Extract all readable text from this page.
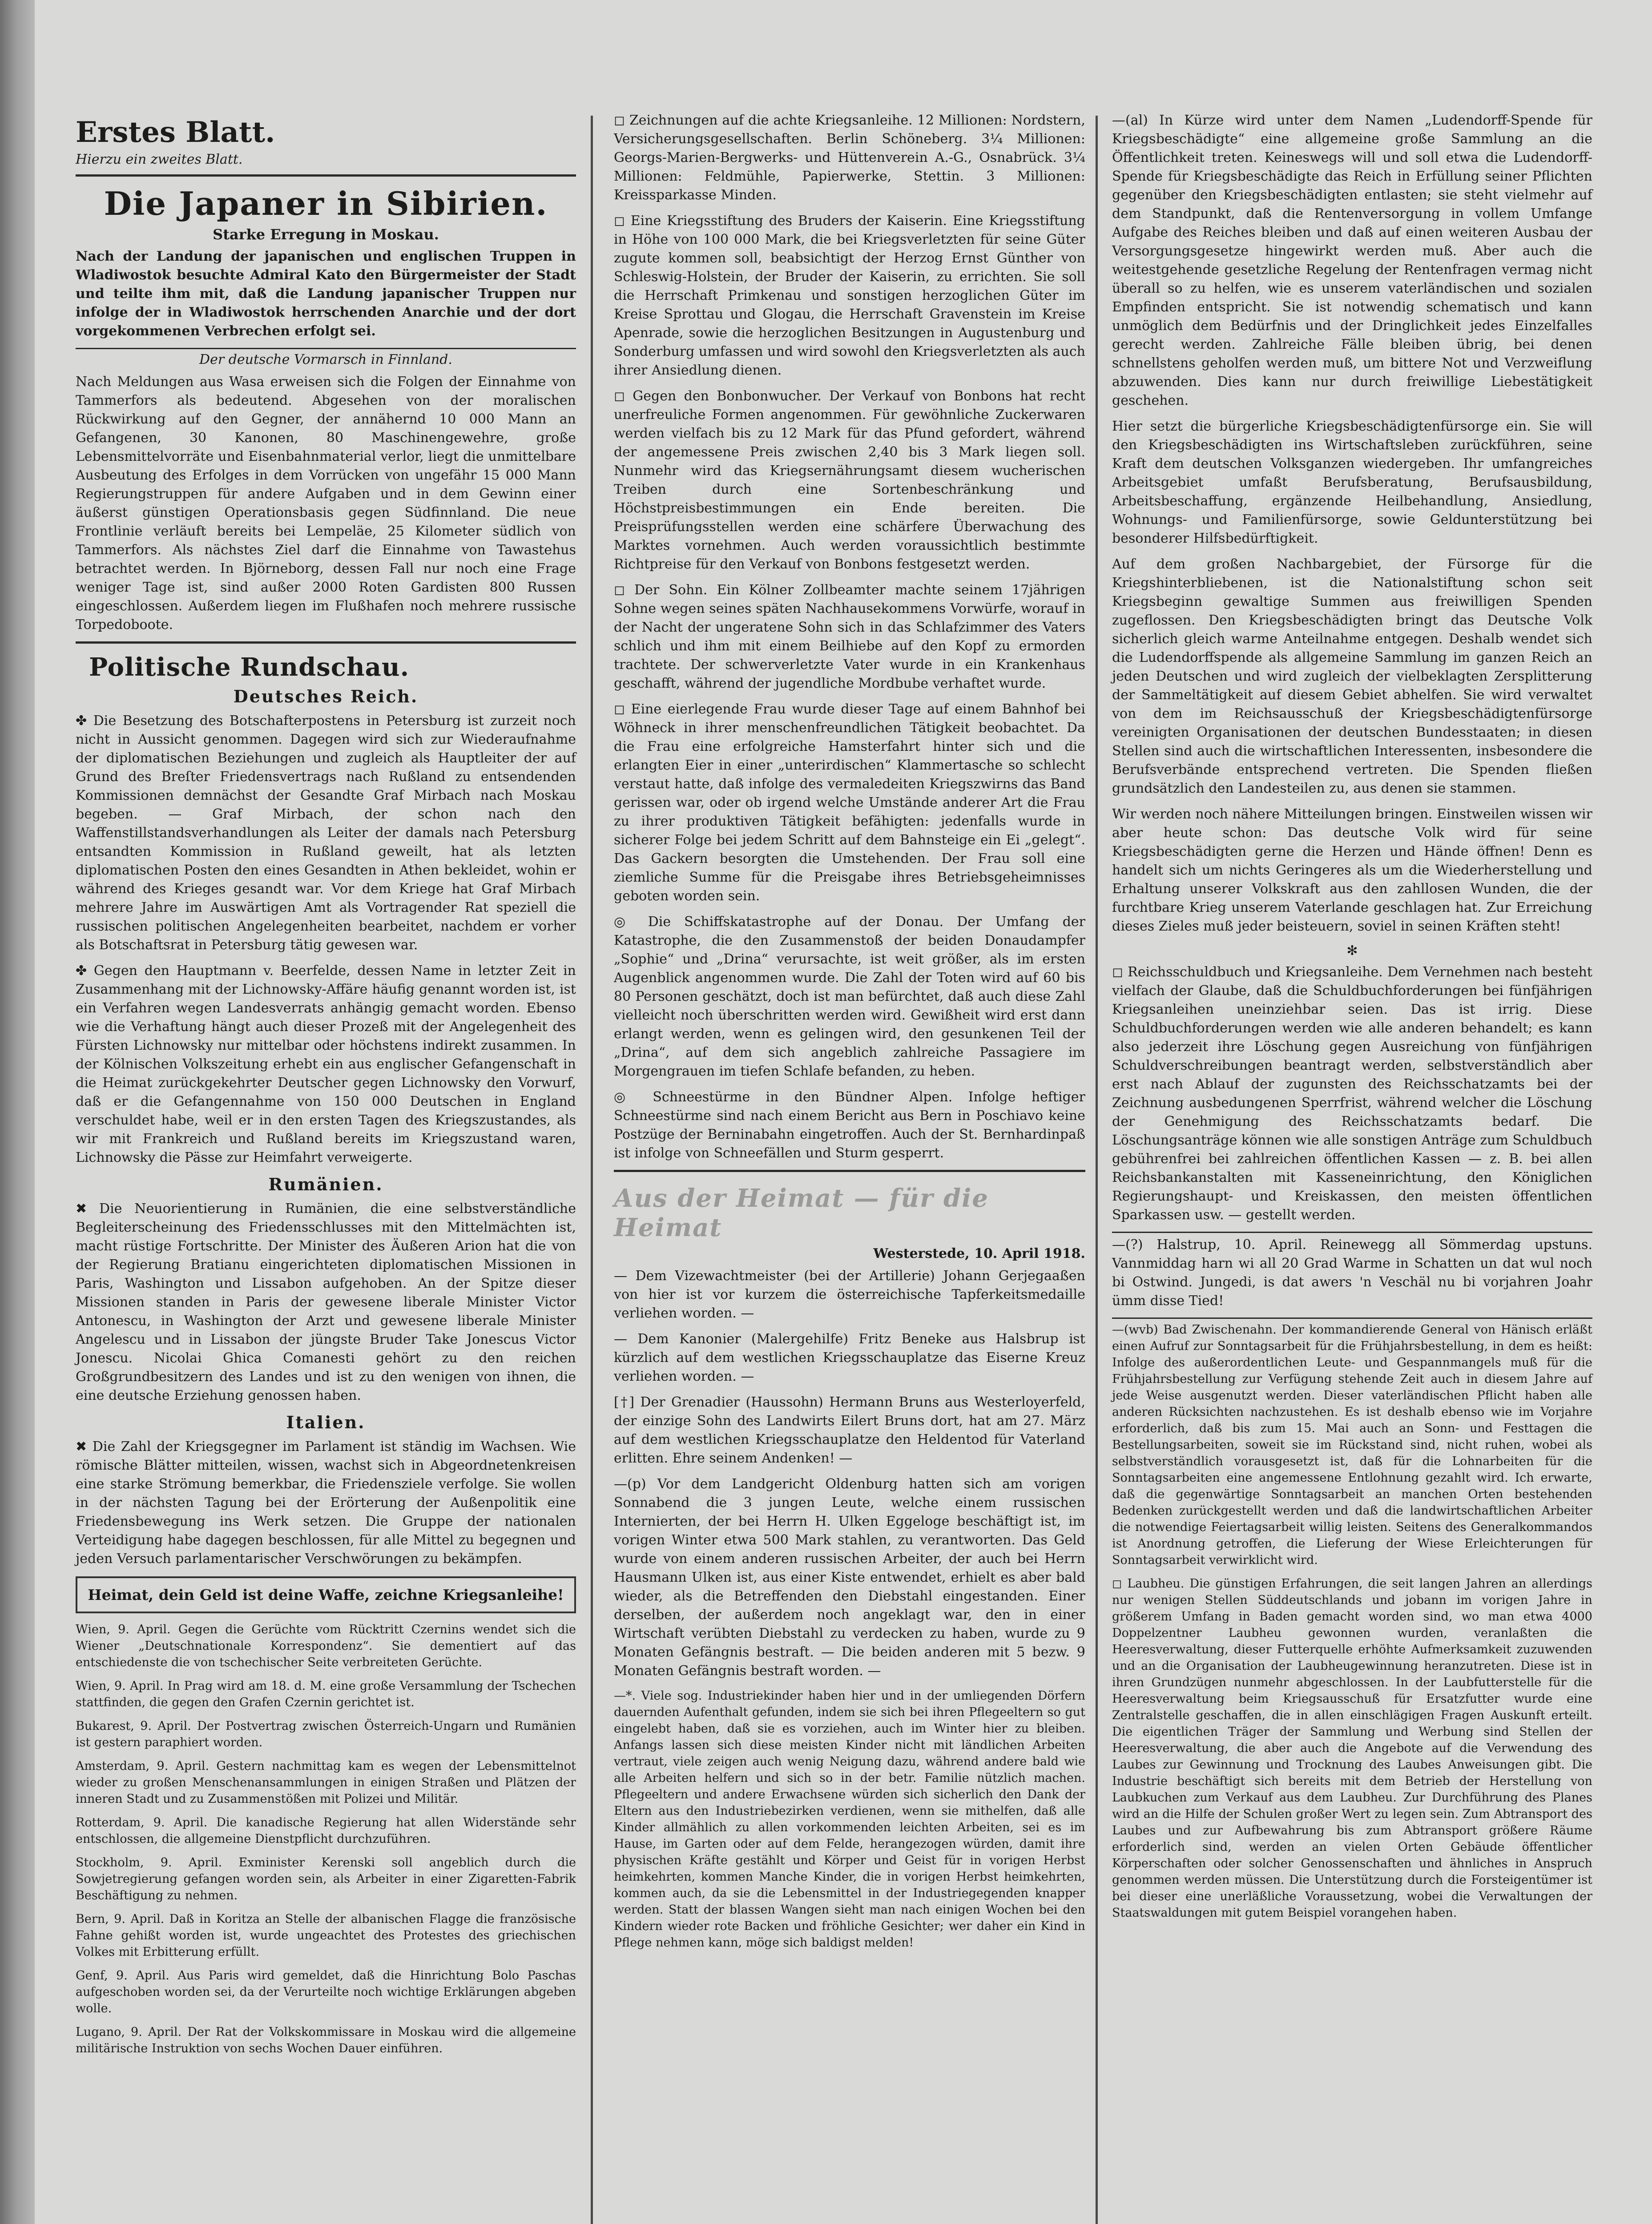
Erstes Blatt.
Hierzu ein zweites Blatt.
Die Japaner in Sibirien.
Starke Erregung in Moskau.

Nach der Landung der japanischen und englischen Truppen in Wladiwostok besuchte Admiral Kato den Bürgermeister der Stadt und teilte ihm mit, daß die Landung japanischer Truppen nur infolge der in Wladiwostok herrschenden Anarchie und der dort vorgekommenen Verbrechen erfolgt sei.

Der deutsche Vormarsch in Finnland.

Nach Meldungen aus Wasa erweisen sich die Folgen der Einnahme von Tammerfors als bedeutend. Abgesehen von der moralischen Rückwirkung auf den Gegner, der annähernd 10 000 Mann an Gefangenen, 30 Kanonen, 80 Maschinengewehre, große Lebensmittelvorräte und Eisenbahnmaterial verlor, liegt die unmittelbare Ausbeutung des Erfolges in dem Vorrücken von ungefähr 15 000 Mann Regierungstruppen für andere Aufgaben und in dem Gewinn einer äußerst günstigen Operationsbasis gegen Südfinnland. Die neue Frontlinie verläuft bereits bei Lempeläe, 25 Kilometer südlich von Tammerfors. Als nächstes Ziel darf die Einnahme von Tawastehus betrachtet werden. In Björneborg, dessen Fall nur noch eine Frage weniger Tage ist, sind außer 2000 Roten Gardisten 800 Russen eingeschlossen. Außerdem liegen im Flußhafen noch mehrere russische Torpedoboote.

Politische Rundschau.
Deutsches Reich.

✤ Die Besetzung des Botschafterpostens in Petersburg ist zurzeit noch nicht in Aussicht genommen. Dagegen wird sich zur Wiederaufnahme der diplomatischen Beziehungen und zugleich als Hauptleiter der auf Grund des Breſter Friedensvertrags nach Rußland zu entsendenden Kommissionen demnächst der Gesandte Graf Mirbach nach Moskau begeben. — Graf Mirbach, der schon nach den Waffenstillstandsverhandlungen als Leiter der damals nach Petersburg entsandten Kommission in Rußland geweilt, hat als letzten diplomatischen Posten den eines Gesandten in Athen bekleidet, wohin er während des Krieges gesandt war. Vor dem Kriege hat Graf Mirbach mehrere Jahre im Auswärtigen Amt als Vortragender Rat speziell die russischen politischen Angelegenheiten bearbeitet, nachdem er vorher als Botschaftsrat in Petersburg tätig gewesen war.

✤ Gegen den Hauptmann v. Beerfelde, dessen Name in letzter Zeit in Zusammenhang mit der Lichnowsky-Affäre häufig genannt worden ist, ist ein Verfahren wegen Landesverrats anhängig gemacht worden. Ebenso wie die Verhaftung hängt auch dieser Prozeß mit der Angelegenheit des Fürsten Lichnowsky nur mittelbar oder höchstens indirekt zusammen. In der Kölnischen Volkszeitung erhebt ein aus englischer Gefangenschaft in die Heimat zurückgekehrter Deutscher gegen Lichnowsky den Vorwurf, daß er die Gefangennahme von 150 000 Deutschen in England verschuldet habe, weil er in den ersten Tagen des Kriegszustandes, als wir mit Frankreich und Rußland bereits im Kriegszustand waren, Lichnowsky die Pässe zur Heimfahrt verweigerte.

Rumänien.

✖ Die Neuorientierung in Rumänien, die eine selbstverständliche Begleiterscheinung des Friedensschlusses mit den Mittelmächten ist, macht rüstige Fortschritte. Der Minister des Äußeren Arion hat die von der Regierung Bratianu eingerichteten diplomatischen Missionen in Paris, Washington und Lissabon aufgehoben. An der Spitze dieser Missionen standen in Paris der gewesene liberale Minister Victor Antonescu, in Washington der Arzt und gewesene liberale Minister Angelescu und in Lissabon der jüngste Bruder Take Jonescus Victor Jonescu. Nicolai Ghica Comanesti gehört zu den reichen Großgrundbesitzern des Landes und ist zu den wenigen von ihnen, die eine deutsche Erziehung genossen haben.

Italien.

✖ Die Zahl der Kriegsgegner im Parlament ist ständig im Wachsen. Wie römische Blätter mitteilen, wissen, wachst sich in Abgeordnetenkreisen eine starke Strömung bemerkbar, die Friedensziele verfolge. Sie wollen in der nächsten Tagung bei der Erörterung der Außenpolitik eine Friedensbewegung ins Werk setzen. Die Gruppe der nationalen Verteidigung habe dagegen beschlossen, für alle Mittel zu begegnen und jeden Versuch parlamentarischer Verschwörungen zu bekämpfen.

Heimat, dein Geld ist deine Waffe, zeichne Kriegsanleihe!

Wien, 9. April. Gegen die Gerüchte vom Rücktritt Czernins wendet sich die Wiener „Deutschnationale Korrespondenz“. Sie dementiert auf das entschiedenste die von tschechischer Seite verbreiteten Gerüchte.

Wien, 9. April. In Prag wird am 18. d. M. eine große Versammlung der Tschechen stattfinden, die gegen den Grafen Czernin gerichtet ist.

Bukarest, 9. April. Der Postvertrag zwischen Österreich-Ungarn und Rumänien ist gestern paraphiert worden.

Amsterdam, 9. April. Gestern nachmittag kam es wegen der Lebensmittelnot wieder zu großen Menschenansammlungen in einigen Straßen und Plätzen der inneren Stadt und zu Zusammenstößen mit Polizei und Militär.

Rotterdam, 9. April. Die kanadische Regierung hat allen Widerstände sehr entschlossen, die allgemeine Dienstpflicht durchzuführen.

Stockholm, 9. April. Exminister Kerenski soll angeblich durch die Sowjetregierung gefangen worden sein, als Arbeiter in einer Zigaretten-Fabrik Beschäftigung zu nehmen.

Bern, 9. April. Daß in Koritza an Stelle der albanischen Flagge die französische Fahne gehißt worden ist, wurde ungeachtet des Protestes des griechischen Volkes mit Erbitterung erfüllt.

Genf, 9. April. Aus Paris wird gemeldet, daß die Hinrichtung Bolo Paschas aufgeschoben worden sei, da der Verurteilte noch wichtige Erklärungen abgeben wolle.

Lugano, 9. April. Der Rat der Volkskommissare in Moskau wird die allgemeine militärische Instruktion von sechs Wochen Dauer einführen.

◻ Zeichnungen auf die achte Kriegsanleihe. 12 Millionen: Nordstern, Versicherungsgesellschaften. Berlin Schöneberg. 3¼ Millionen: Georgs-Marien-Bergwerks- und Hüttenverein A.-G., Osnabrück. 3¼ Millionen: Feldmühle, Papierwerke, Stettin. 3 Millionen: Kreissparkasse Minden.

◻ Eine Kriegsstiftung des Bruders der Kaiserin. Eine Kriegsstiftung in Höhe von 100 000 Mark, die bei Kriegsverletzten für seine Güter zugute kommen soll, beabsichtigt der Herzog Ernst Günther von Schleswig-Holstein, der Bruder der Kaiserin, zu errichten. Sie soll die Herrschaft Primkenau und sonstigen herzoglichen Güter im Kreise Sprottau und Glogau, die Herrschaft Gravenstein im Kreise Apenrade, sowie die herzoglichen Besitzungen in Augustenburg und Sonderburg umfassen und wird sowohl den Kriegsverletzten als auch ihrer Ansiedlung dienen.

◻ Gegen den Bonbonwucher. Der Verkauf von Bonbons hat recht unerfreuliche Formen angenommen. Für gewöhnliche Zuckerwaren werden vielfach bis zu 12 Mark für das Pfund gefordert, während der angemessene Preis zwischen 2,40 bis 3 Mark liegen soll. Nunmehr wird das Kriegsernährungsamt diesem wucherischen Treiben durch eine Sortenbeschränkung und Höchstpreisbestimmungen ein Ende bereiten. Die Preisprüfungsstellen werden eine schärfere Überwachung des Marktes vornehmen. Auch werden voraussichtlich bestimmte Richtpreise für den Verkauf von Bonbons festgesetzt werden.

◻ Der Sohn. Ein Kölner Zollbeamter machte seinem 17jährigen Sohne wegen seines späten Nachhausekommens Vorwürfe, worauf in der Nacht der ungeratene Sohn sich in das Schlafzimmer des Vaters schlich und ihm mit einem Beilhiebe auf den Kopf zu ermorden trachtete. Der schwerverletzte Vater wurde in ein Krankenhaus geschafft, während der jugendliche Mordbube verhaftet wurde.

◻ Eine eierlegende Frau wurde dieser Tage auf einem Bahnhof bei Wöhneck in ihrer menschenfreundlichen Tätigkeit beobachtet. Da die Frau eine erfolgreiche Hamsterfahrt hinter sich und die erlangten Eier in einer „unterirdischen“ Klammertasche so schlecht verstaut hatte, daß infolge des vermaledeiten Kriegszwirns das Band gerissen war, oder ob irgend welche Umstände anderer Art die Frau zu ihrer produktiven Tätigkeit befähigten: jedenfalls wurde in sicherer Folge bei jedem Schritt auf dem Bahnsteige ein Ei „gelegt“. Das Gackern besorgten die Umstehenden. Der Frau soll eine ziemliche Summe für die Preisgabe ihres Betriebsgeheimnisses geboten worden sein.

◎ Die Schiffskatastrophe auf der Donau. Der Umfang der Katastrophe, die den Zusammenstoß der beiden Donaudampfer „Sophie“ und „Drina“ verursachte, ist weit größer, als im ersten Augenblick angenommen wurde. Die Zahl der Toten wird auf 60 bis 80 Personen geschätzt, doch ist man befürchtet, daß auch diese Zahl vielleicht noch überschritten werden wird. Gewißheit wird erst dann erlangt werden, wenn es gelingen wird, den gesunkenen Teil der „Drina“, auf dem sich angeblich zahlreiche Passagiere im Morgengrauen im tiefen Schlafe befanden, zu heben.

◎ Schneestürme in den Bündner Alpen. Infolge heftiger Schneestürme sind nach einem Bericht aus Bern in Poschiavo keine Postzüge der Berninabahn eingetroffen. Auch der St. Bernhardinpaß ist infolge von Schneefällen und Sturm gesperrt.

Aus der Heimat — für die Heimat
Westerstede, 10. April 1918.

— Dem Vizewachtmeister (bei der Artillerie) Johann Gerjegaaßen von hier ist vor kurzem die österreichische Tapferkeitsmedaille verliehen worden. —

— Dem Kanonier (Malergehilfe) Fritz Beneke aus Halsbrup ist kürzlich auf dem westlichen Kriegsschauplatze das Eiserne Kreuz verliehen worden. —

[†] Der Grenadier (Haussohn) Hermann Bruns aus Westerloyerfeld, der einzige Sohn des Landwirts Eilert Bruns dort, hat am 27. März auf dem westlichen Kriegsschauplatze den Heldentod für Vaterland erlitten. Ehre seinem Andenken! —

—(p) Vor dem Landgericht Oldenburg hatten sich am vorigen Sonnabend die 3 jungen Leute, welche einem russischen Internierten, der bei Herrn H. Ulken Eggeloge beschäftigt ist, im vorigen Winter etwa 500 Mark stahlen, zu verantworten. Das Geld wurde von einem anderen russischen Arbeiter, der auch bei Herrn Hausmann Ulken ist, aus einer Kiste entwendet, erhielt es aber bald wieder, als die Betreffenden den Diebstahl eingestanden. Einer derselben, der außerdem noch angeklagt war, den in einer Wirtschaft verübten Diebstahl zu verdecken zu haben, wurde zu 9 Monaten Gefängnis bestraft. — Die beiden anderen mit 5 bezw. 9 Monaten Gefängnis bestraft worden. —

—*. Viele sog. Industriekinder haben hier und in der umliegenden Dörfern dauernden Aufenthalt gefunden, indem sie sich bei ihren Pflegeeltern so gut eingelebt haben, daß sie es vorziehen, auch im Winter hier zu bleiben. Anfangs lassen sich diese meisten Kinder nicht mit ländlichen Arbeiten vertraut, viele zeigen auch wenig Neigung dazu, während andere bald wie alle Arbeiten helfern und sich so in der betr. Familie nützlich machen. Pflegeeltern und andere Erwachsene würden sich sicherlich den Dank der Eltern aus den Industriebezirken verdienen, wenn sie mithelfen, daß alle Kinder allmählich zu allen vorkommenden leichten Arbeiten, sei es im Hause, im Garten oder auf dem Felde, herangezogen würden, damit ihre physischen Kräfte gestählt und Körper und Geist für in vorigen Herbst heimkehrten, kommen Manche Kinder, die in vorigen Herbst heimkehrten, kommen auch, da sie die Lebensmittel in der Industriegegenden knapper werden. Statt der blassen Wangen sieht man nach einigen Wochen bei den Kindern wieder rote Backen und fröhliche Gesichter; wer daher ein Kind in Pflege nehmen kann, möge sich baldigst melden!

—(al) In Kürze wird unter dem Namen „Ludendorff-Spende für Kriegsbeschädigte“ eine allgemeine große Sammlung an die Öffentlichkeit treten. Keineswegs will und soll etwa die Ludendorff-Spende für Kriegsbeschädigte das Reich in Erfüllung seiner Pflichten gegenüber den Kriegsbeschädigten entlasten; sie steht vielmehr auf dem Standpunkt, daß die Rentenversorgung in vollem Umfange Aufgabe des Reiches bleiben und daß auf einen weiteren Ausbau der Versorgungsgesetze hingewirkt werden muß. Aber auch die weitestgehende gesetzliche Regelung der Rentenfragen vermag nicht überall so zu helfen, wie es unserem vaterländischen und sozialen Empfinden entspricht. Sie ist notwendig schematisch und kann unmöglich dem Bedürfnis und der Dringlichkeit jedes Einzelfalles gerecht werden. Zahlreiche Fälle bleiben übrig, bei denen schnellstens geholfen werden muß, um bittere Not und Verzweiflung abzuwenden. Dies kann nur durch freiwillige Liebestätigkeit geschehen.

Hier setzt die bürgerliche Kriegsbeschädigtenfürsorge ein. Sie will den Kriegsbeschädigten ins Wirtschaftsleben zurückführen, seine Kraft dem deutschen Volksganzen wiedergeben. Ihr umfangreiches Arbeitsgebiet umfaßt Berufsberatung, Berufsausbildung, Arbeitsbeschaffung, ergänzende Heilbehandlung, Ansiedlung, Wohnungs- und Familienfürsorge, sowie Geldunterstützung bei besonderer Hilfsbedürftigkeit.

Auf dem großen Nachbargebiet, der Fürsorge für die Kriegshinterbliebenen, ist die Nationalstiftung schon seit Kriegsbeginn gewaltige Summen aus freiwilligen Spenden zugeflossen. Den Kriegsbeschädigten bringt das Deutsche Volk sicherlich gleich warme Anteilnahme entgegen. Deshalb wendet sich die Ludendorffspende als allgemeine Sammlung im ganzen Reich an jeden Deutschen und wird zugleich der vielbeklagten Zersplitterung der Sammeltätigkeit auf diesem Gebiet abhelfen. Sie wird verwaltet von dem im Reichsausschuß der Kriegsbeschädigtenfürsorge vereinigten Organisationen der deutschen Bundesstaaten; in diesen Stellen sind auch die wirtschaftlichen Interessenten, insbesondere die Berufsverbände entsprechend vertreten. Die Spenden fließen grundsätzlich den Landesteilen zu, aus denen sie stammen.

Wir werden noch nähere Mitteilungen bringen. Einstweilen wissen wir aber heute schon: Das deutsche Volk wird für seine Kriegsbeschädigten gerne die Herzen und Hände öffnen! Denn es handelt sich um nichts Geringeres als um die Wiederherstellung und Erhaltung unserer Volkskraft aus den zahllosen Wunden, die der furchtbare Krieg unserem Vaterlande geschlagen hat. Zur Erreichung dieses Zieles muß jeder beisteuern, soviel in seinen Kräften steht!

✻

◻ Reichsschuldbuch und Kriegsanleihe. Dem Vernehmen nach besteht vielfach der Glaube, daß die Schuldbuchforderungen bei fünfjährigen Kriegsanleihen uneinziehbar seien. Das ist irrig. Diese Schuldbuchforderungen werden wie alle anderen behandelt; es kann also jederzeit ihre Löschung gegen Ausreichung von fünfjährigen Schuldverschreibungen beantragt werden, selbstverständlich aber erst nach Ablauf der zugunsten des Reichsschatzamts bei der Zeichnung ausbedungenen Sperrfrist, während welcher die Löschung der Genehmigung des Reichsschatzamts bedarf. Die Löschungsanträge können wie alle sonstigen Anträge zum Schuldbuch gebührenfrei bei zahlreichen öffentlichen Kassen — z. B. bei allen Reichsbankanstalten mit Kasseneinrichtung, den Königlichen Regierungshaupt- und Kreiskassen, den meisten öffentlichen Sparkassen usw. — gestellt werden.

—(?) Halstrup, 10. April. Reinewegg all Sömmerdag upstuns. Vannmiddag harn wi all 20 Grad Warme in Schatten un dat wul noch bi Ostwind. Jungedi, is dat awers 'n Veschäl nu bi vorjahren Joahr ümm disse Tied!

—(wvb) Bad Zwischenahn. Der kommandierende General von Hänisch erläßt einen Aufruf zur Sonntagsarbeit für die Frühjahrsbestellung, in dem es heißt: Infolge des außerordentlichen Leute- und Gespannmangels muß für die Frühjahrsbestellung zur Verfügung stehende Zeit auch in diesem Jahre auf jede Weise ausgenutzt werden. Dieser vaterländischen Pflicht haben alle anderen Rücksichten nachzustehen. Es ist deshalb ebenso wie im Vorjahre erforderlich, daß bis zum 15. Mai auch an Sonn- und Festtagen die Bestellungsarbeiten, soweit sie im Rückstand sind, nicht ruhen, wobei als selbstverständlich vorausgesetzt ist, daß für die Lohnarbeiten für die Sonntagsarbeiten eine angemessene Entlohnung gezahlt wird. Ich erwarte, daß die gegenwärtige Sonntagsarbeit an manchen Orten bestehenden Bedenken zurückgestellt werden und daß die landwirtschaftlichen Arbeiter die notwendige Feiertagsarbeit willig leisten. Seitens des Generalkommandos ist Anordnung getroffen, die Lieferung der Wiese Erleichterungen für Sonntagsarbeit verwirklicht wird.

◻ Laubheu. Die günstigen Erfahrungen, die seit langen Jahren an allerdings nur wenigen Stellen Süddeutschlands und jobann im vorigen Jahre in größerem Umfang in Baden gemacht worden sind, wo man etwa 4000 Doppelzentner Laubheu gewonnen wurden, veranlaßten die Heeresverwaltung, dieser Futterquelle erhöhte Aufmerksamkeit zuzuwenden und an die Organisation der Laubheugewinnung heranzutreten. Diese ist in ihren Grundzügen nunmehr abgeschlossen. In der Laubfutterstelle für die Heeresverwaltung beim Kriegsausschuß für Ersatzfutter wurde eine Zentralstelle geschaffen, die in allen einschlägigen Fragen Auskunft erteilt. Die eigentlichen Träger der Sammlung und Werbung sind Stellen der Heeresverwaltung, die aber auch die Angebote auf die Verwendung des Laubes zur Gewinnung und Trocknung des Laubes Anweisungen gibt. Die Industrie beschäftigt sich bereits mit dem Betrieb der Herstellung von Laubkuchen zum Verkauf aus dem Laubheu. Zur Durchführung des Planes wird an die Hilfe der Schulen großer Wert zu legen sein. Zum Abtransport des Laubes und zur Aufbewahrung bis zum Abtransport größere Räume erforderlich sind, werden an vielen Orten Gebäude öffentlicher Körperschaften oder solcher Genossenschaften und ähnliches in Anspruch genommen werden müssen. Die Unterstützung durch die Forsteigentümer ist bei dieser eine unerläßliche Voraussetzung, wobei die Verwaltungen der Staatswaldungen mit gutem Beispiel vorangehen haben.
